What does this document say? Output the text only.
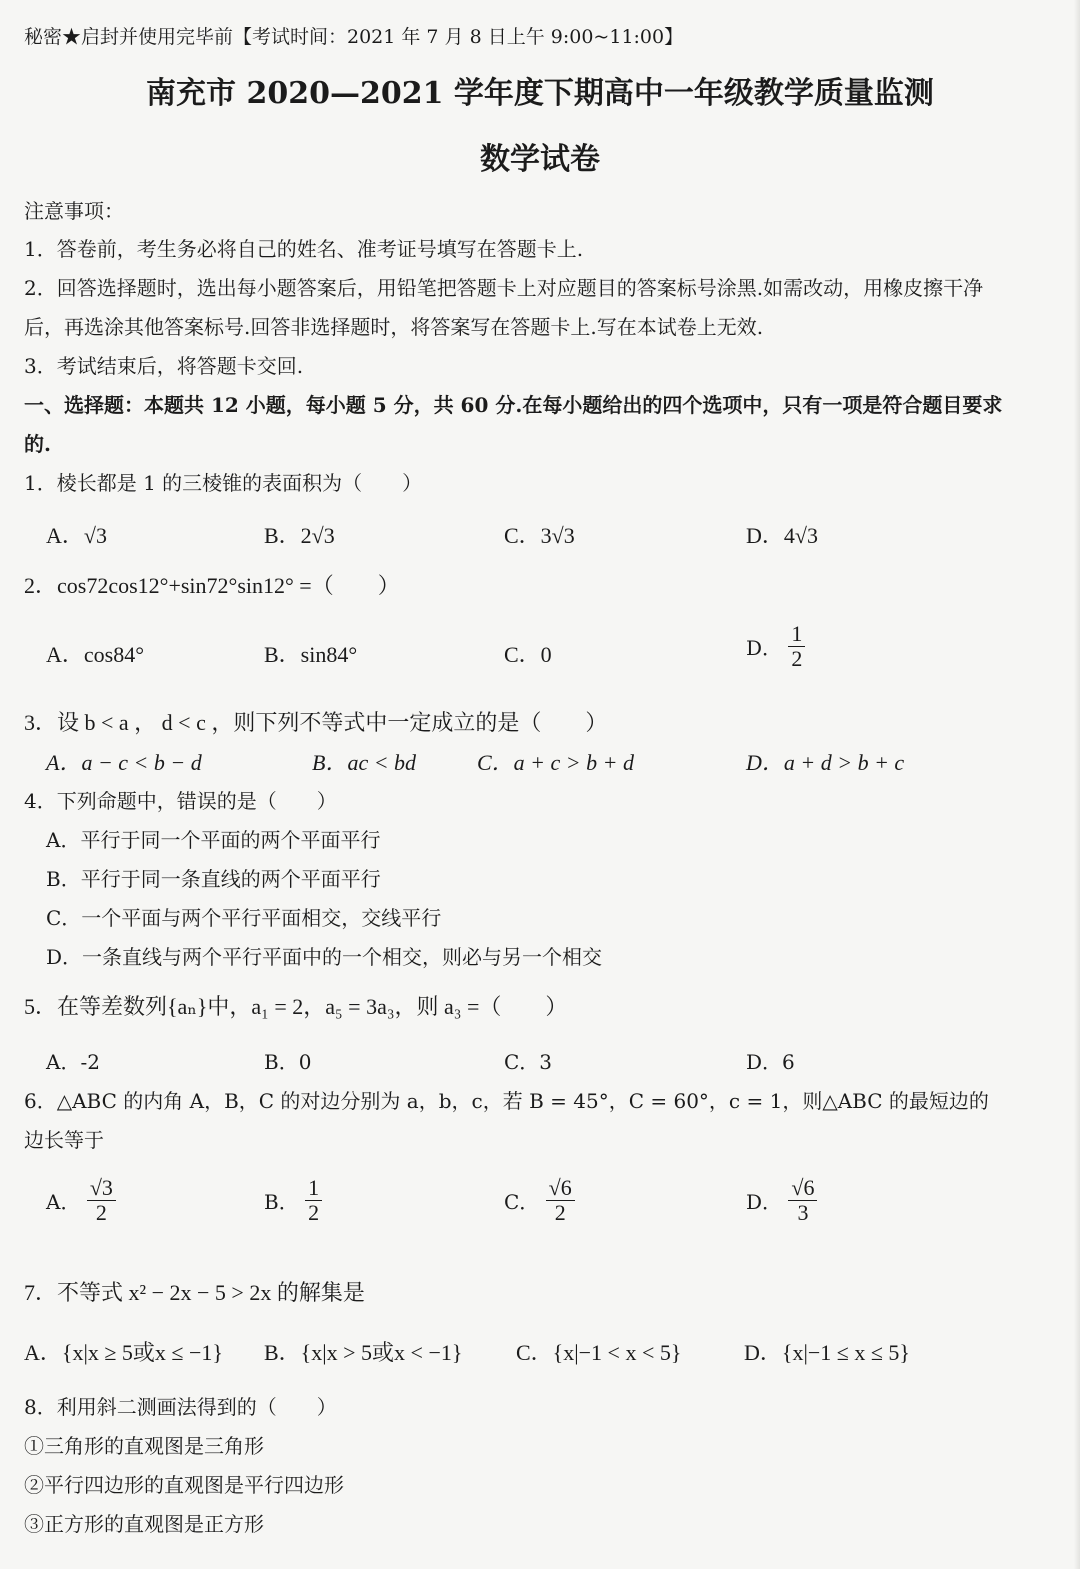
秘密★启封并使用完毕前【考试时间：2021 年 7 月 8 日上午 9:00~11:00】
南充市 2020—2021 学年度下期高中一年级教学质量监测
数学试卷
注意事项：
1．答卷前，考生务必将自己的姓名、准考证号填写在答题卡上.
2．回答选择题时，选出每小题答案后，用铅笔把答题卡上对应题目的答案标号涂黑.如需改动，用橡皮擦干净
后，再选涂其他答案标号.回答非选择题时，将答案写在答题卡上.写在本试卷上无效.
3．考试结束后，将答题卡交回.
一、选择题：本题共 12 小题，每小题 5 分，共 60 分.在每小题给出的四个选项中，只有一项是符合题目要求
的.
1．棱长都是 1 的三棱锥的表面积为（　　）
A．√3	B．2√3	C．3√3	D．4√3
2．cos72cos12°+sin72°sin12° =（　　）
A．cos84°	B．sin84°	C．0	D． $\frac{1}{2}$
3．设 b < a ， d < c ，则下列不等式中一定成立的是（　　）
A．a − c < b − d	B．ac < bd	C．a + c > b + d	D．a + d > b + c
4．下列命题中，错误的是（　　）
A．平行于同一个平面的两个平面平行
B．平行于同一条直线的两个平面平行
C．一个平面与两个平行平面相交，交线平行
D．一条直线与两个平行平面中的一个相交，则必与另一个相交
5．在等差数列{aₙ}中，a₁ = 2，a₅ = 3a₃，则 a₃ =（　　）
A．-2	B．0	C．3	D．6
6．△ABC 的内角 A，B，C 的对边分别为 a，b，c，若 B = 45°，C = 60°，c = 1，则△ABC 的最短边的
边长等于
A． $\frac{√3}{2}$	B． $\frac{1}{2}$	C． $\frac{√6}{2}$	D． $\frac{√6}{3}$
7．不等式 x² − 2x − 5 > 2x 的解集是
A．{x|x ≥ 5或x ≤ −1} B．{x|x > 5或x < −1} C．{x|−1 < x < 5}	D．{x|−1 ≤ x ≤ 5}
8．利用斜二测画法得到的（　　）
①三角形的直观图是三角形
②平行四边形的直观图是平行四边形
③正方形的直观图是正方形
